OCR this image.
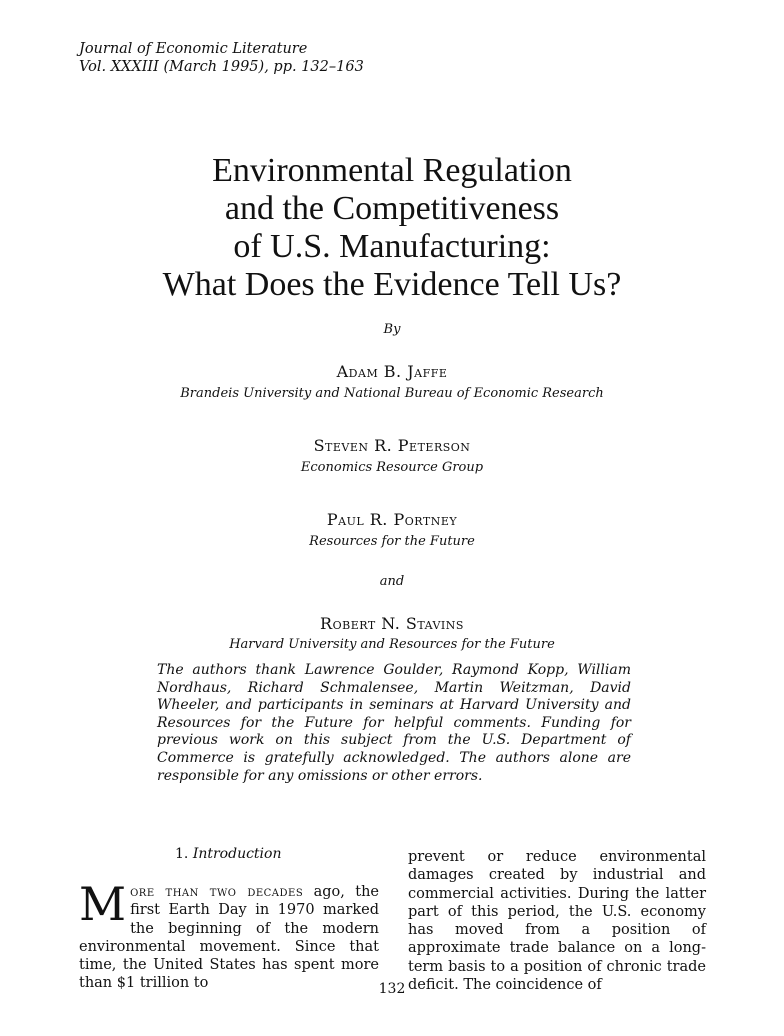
Journal of Economic Literature
Vol. XXXIII (March 1995), pp. 132–163
Environmental Regulation
and the Competitiveness
of U.S. Manufacturing:
What Does the Evidence Tell Us?
By
Adam B. Jaffe
Brandeis University and National Bureau of Economic Research
Steven R. Peterson
Economics Resource Group
Paul R. Portney
Resources for the Future
and
Robert N. Stavins
Harvard University and Resources for the Future
The authors thank Lawrence Goulder, Raymond Kopp, William Nordhaus, Richard Schmalensee, Martin Weitzman, David Wheeler, and participants in seminars at Harvard University and Resources for the Future for helpful comments. Funding for previous work on this subject from the U.S. Department of Commerce is gratefully acknowledged. The authors alone are responsible for any omissions or other errors.
1. Introduction
More than two decades ago, the first Earth Day in 1970 marked the beginning of the modern environmental movement. Since that time, the United States has spent more than $1 trillion to
prevent or reduce environmental damages created by industrial and commercial activities. During the latter part of this period, the U.S. economy has moved from a position of approximate trade balance on a long-term basis to a position of chronic trade deficit. The coincidence of
132
